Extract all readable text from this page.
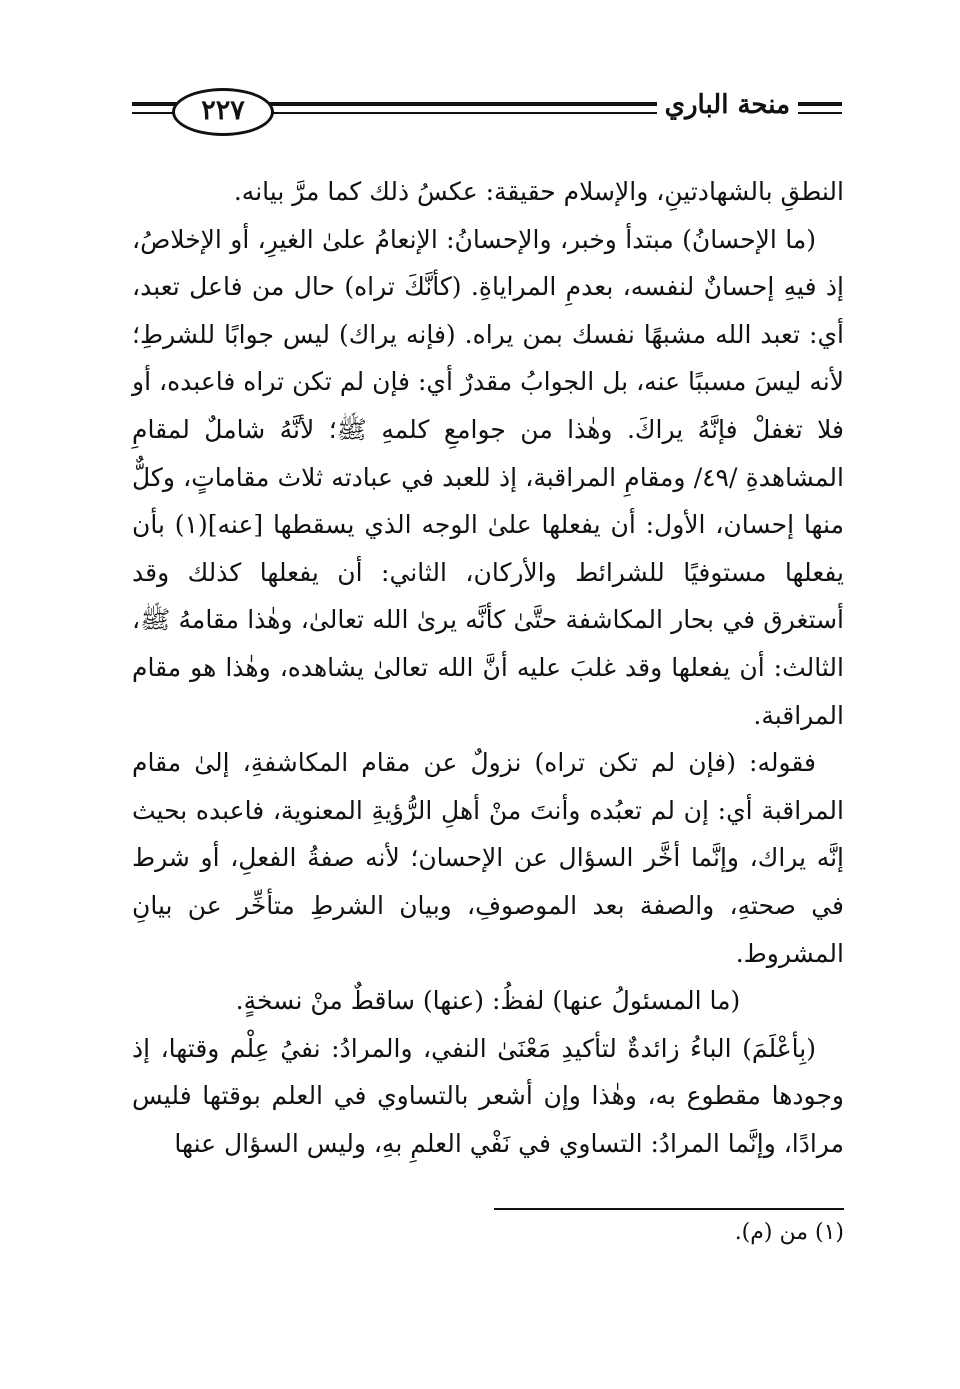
٢٢٧	منحة الباري

النطقِ بالشهادتينِ، والإسلام حقيقة: عكسُ ذلك كما مرَّ بيانه.

(ما الإحسانُ) مبتدأ وخبر، والإحسانُ: الإنعامُ علىٰ الغيرِ، أو الإخلاصُ، إذ فيهِ إحسانٌ لنفسه، بعدمِ المراياةِ. (كأنَّكَ تراه) حال من فاعل تعبد، أي: تعبد الله مشبهًا نفسك بمن يراه. (فإنه يراك) ليس جوابًا للشرطِ؛ لأنه ليسَ مسببًا عنه، بل الجوابُ مقدرٌ أي: فإن لم تكن تراه فاعبده، أو فلا تغفلْ فإنَّهُ يراكَ. وهٰذا من جوامعِ كلمهِ ﷺ؛ لأنَّهُ شاملٌ لمقامِ المشاهدةِ /٤٩/ ومقامِ المراقبة، إذ للعبد في عبادته ثلاث مقاماتٍ، وكلٌّ منها إحسان، الأول: أن يفعلها علىٰ الوجه الذي يسقطها [عنه](١) بأن يفعلها مستوفيًا للشرائط والأركان، الثاني: أن يفعلها كذلك وقد أستغرق في بحار المكاشفة حتَّىٰ كأنَّه يرىٰ الله تعالىٰ، وهٰذا مقامهُ ﷺ، الثالث: أن يفعلها وقد غلبَ عليه أنَّ الله تعالىٰ يشاهده، وهٰذا هو مقام المراقبة.

فقوله: (فإن لم تكن تراه) نزولٌ عن مقام المكاشفةِ، إلىٰ مقام المراقبة أي: إن لم تعبُده وأنتَ منْ أهلِ الرُّؤيةِ المعنوية، فاعبده بحيث إنَّه يراك، وإنَّما أخَّر السؤال عن الإحسان؛ لأنه صفةُ الفعلِ، أو شرط في صحتهِ، والصفة بعد الموصوفِ، وبيان الشرطِ متأخِّر عن بيانِ المشروط.

(ما المسئولُ عنها) لفظُ: (عنها) ساقطٌ منْ نسخةٍ.

(بِأعْلَمَ) الباءُ زائدةٌ لتأكيدِ مَعْنَىٰ النفي، والمرادُ: نفيُ عِلْم وقتها، إذ وجودها مقطوع به، وهٰذا وإن أشعر بالتساوي في العلم بوقتها فليس مرادًا، وإنَّما المرادُ: التساوي في نَفْي العلمِ بهِ، وليس السؤال عنها

(١) من (م).
